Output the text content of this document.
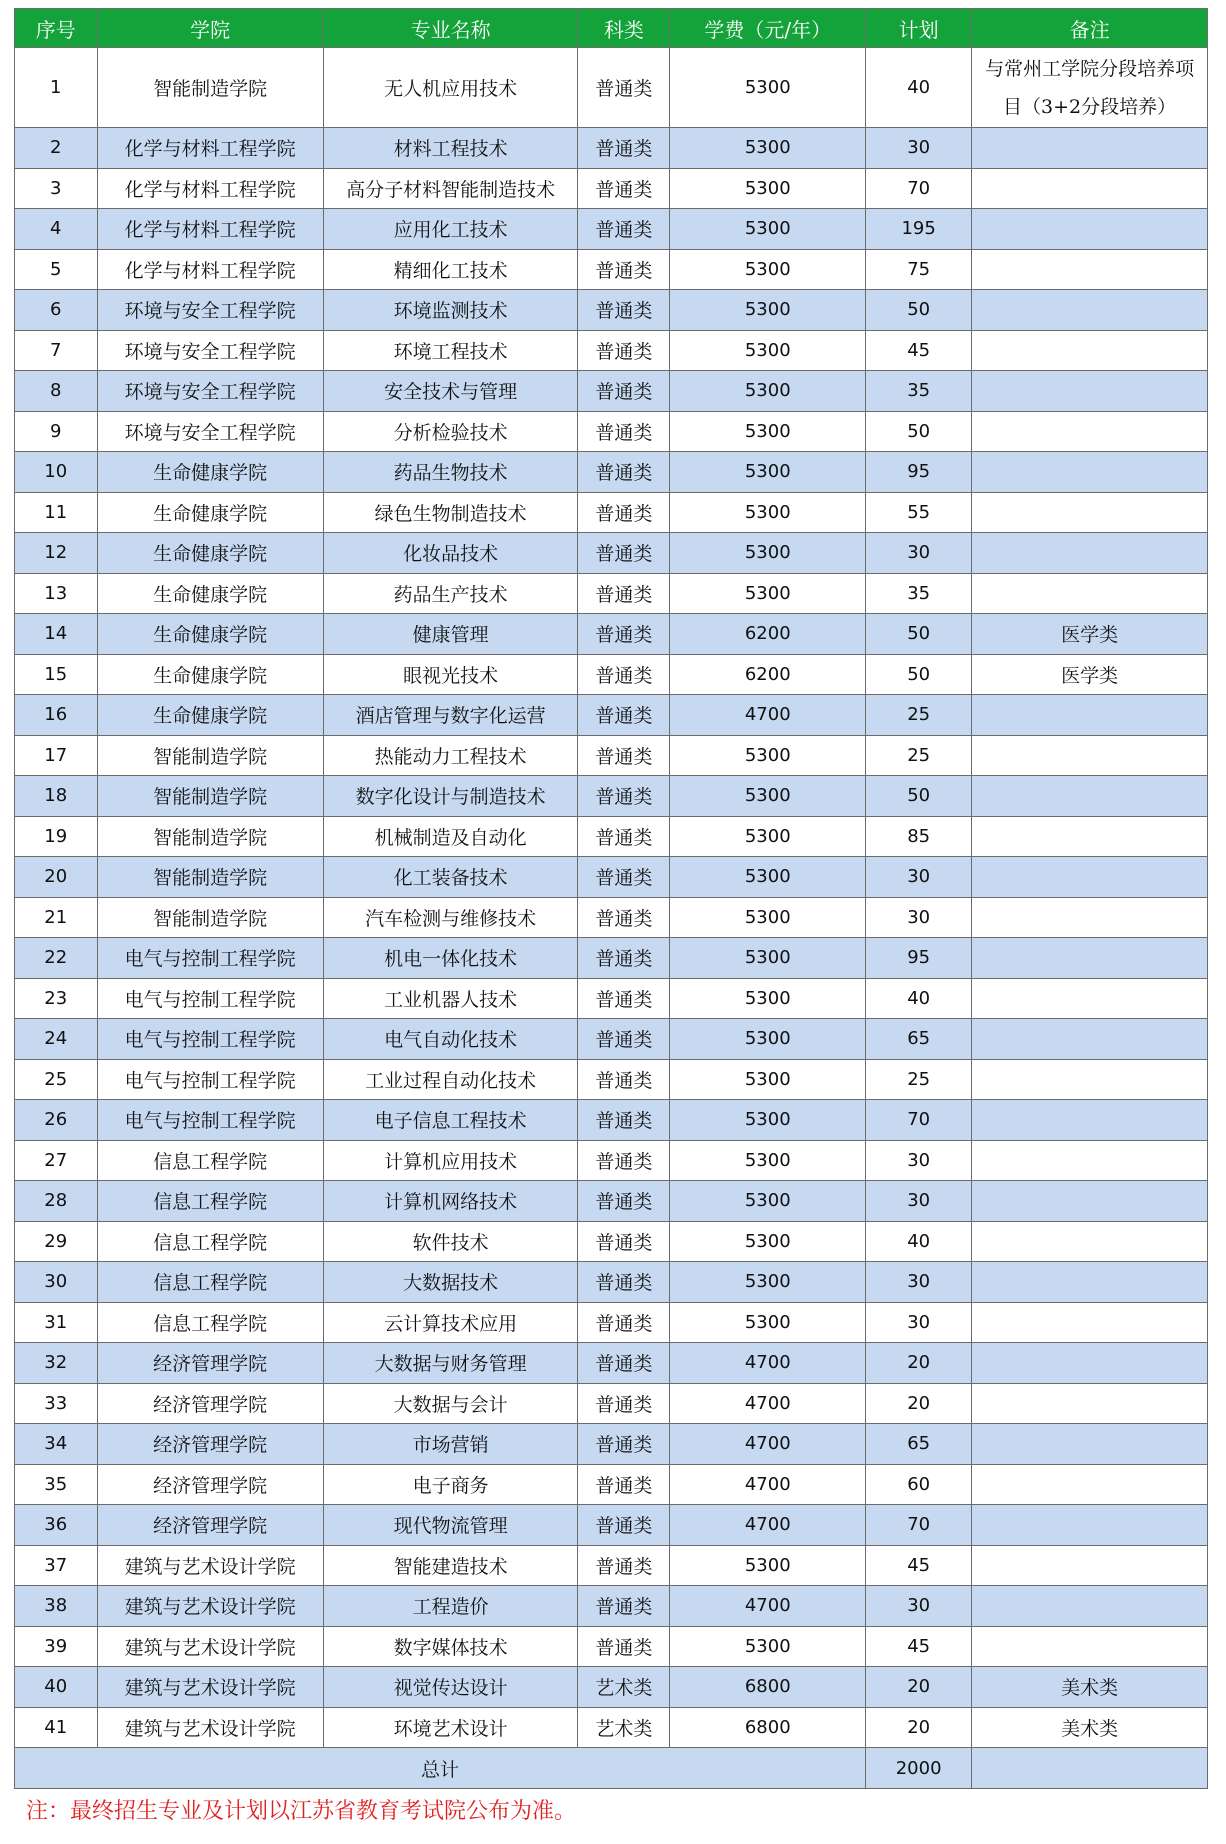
序号	学院	专业名称	科类	学费（元/年）	计划	备注
1	智能制造学院	无人机应用技术	普通类	5300	40	与常州工学院分段培养项目（3+2分段培养）
2	化学与材料工程学院	材料工程技术	普通类	5300	30	
3	化学与材料工程学院	高分子材料智能制造技术	普通类	5300	70	
4	化学与材料工程学院	应用化工技术	普通类	5300	195	
5	化学与材料工程学院	精细化工技术	普通类	5300	75	
6	环境与安全工程学院	环境监测技术	普通类	5300	50	
7	环境与安全工程学院	环境工程技术	普通类	5300	45	
8	环境与安全工程学院	安全技术与管理	普通类	5300	35	
9	环境与安全工程学院	分析检验技术	普通类	5300	50	
10	生命健康学院	药品生物技术	普通类	5300	95	
11	生命健康学院	绿色生物制造技术	普通类	5300	55	
12	生命健康学院	化妆品技术	普通类	5300	30	
13	生命健康学院	药品生产技术	普通类	5300	35	
14	生命健康学院	健康管理	普通类	6200	50	医学类
15	生命健康学院	眼视光技术	普通类	6200	50	医学类
16	生命健康学院	酒店管理与数字化运营	普通类	4700	25	
17	智能制造学院	热能动力工程技术	普通类	5300	25	
18	智能制造学院	数字化设计与制造技术	普通类	5300	50	
19	智能制造学院	机械制造及自动化	普通类	5300	85	
20	智能制造学院	化工装备技术	普通类	5300	30	
21	智能制造学院	汽车检测与维修技术	普通类	5300	30	
22	电气与控制工程学院	机电一体化技术	普通类	5300	95	
23	电气与控制工程学院	工业机器人技术	普通类	5300	40	
24	电气与控制工程学院	电气自动化技术	普通类	5300	65	
25	电气与控制工程学院	工业过程自动化技术	普通类	5300	25	
26	电气与控制工程学院	电子信息工程技术	普通类	5300	70	
27	信息工程学院	计算机应用技术	普通类	5300	30	
28	信息工程学院	计算机网络技术	普通类	5300	30	
29	信息工程学院	软件技术	普通类	5300	40	
30	信息工程学院	大数据技术	普通类	5300	30	
31	信息工程学院	云计算技术应用	普通类	5300	30	
32	经济管理学院	大数据与财务管理	普通类	4700	20	
33	经济管理学院	大数据与会计	普通类	4700	20	
34	经济管理学院	市场营销	普通类	4700	65	
35	经济管理学院	电子商务	普通类	4700	60	
36	经济管理学院	现代物流管理	普通类	4700	70	
37	建筑与艺术设计学院	智能建造技术	普通类	5300	45	
38	建筑与艺术设计学院	工程造价	普通类	4700	30	
39	建筑与艺术设计学院	数字媒体技术	普通类	5300	45	
40	建筑与艺术设计学院	视觉传达设计	艺术类	6800	20	美术类
41	建筑与艺术设计学院	环境艺术设计	艺术类	6800	20	美术类
总计					2000	
注：最终招生专业及计划以江苏省教育考试院公布为准。
